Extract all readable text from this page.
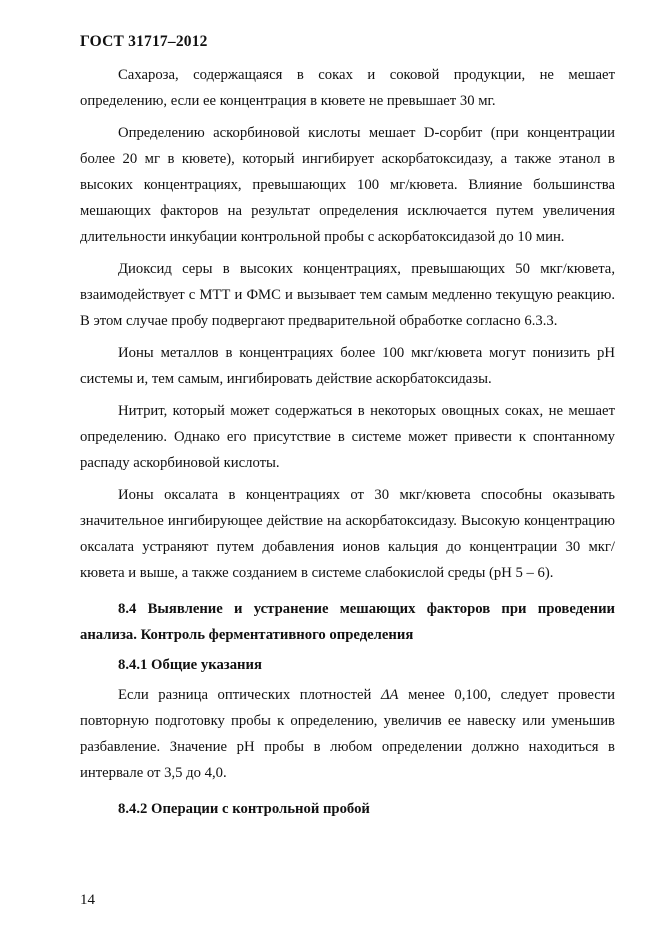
ГОСТ 31717–2012

Сахароза, содержащаяся в соках и соковой продукции, не мешает определению, если ее концентрация в кювете не превышает 30 мг.

Определению аскорбиновой кислоты мешает D-сорбит (при концентрации более 20 мг в кювете), который ингибирует аскорбатоксидазу, а также этанол в высоких концентрациях, превышающих 100 мг/кювета. Влияние большинства мешающих факторов на результат определения исключается путем увеличения длительности инкубации контрольной пробы с аскорбатоксидазой до 10 мин.

Диоксид серы в высоких концентрациях, превышающих 50 мкг/кювета, взаимодействует с МТТ и ФМС и вызывает тем самым медленно текущую реакцию. В этом случае пробу подвергают предварительной обработке согласно 6.3.3.

Ионы металлов в концентрациях более 100 мкг/кювета могут понизить pH системы и, тем самым, ингибировать действие аскорбатоксидазы.

Нитрит, который может содержаться в некоторых овощных соках, не мешает определению. Однако его присутствие в системе может привести к спонтанному распаду аскорбиновой кислоты.

Ионы оксалата в концентрациях от 30 мкг/кювета способны оказывать значительное ингибирующее действие на аскорбатоксидазу. Высокую концентрацию оксалата устраняют путем добавления ионов кальция до концентрации 30 мкг/кювета и выше, а также созданием в системе слабокислой среды (pH 5 – 6).

8.4 Выявление и устранение мешающих факторов при проведении анализа. Контроль ферментативного определения

8.4.1 Общие указания

Если разница оптических плотностей ΔA менее 0,100, следует провести повторную подготовку пробы к определению, увеличив ее навеску или уменьшив разбавление. Значение pH пробы в любом определении должно находиться в интервале от 3,5 до 4,0.

8.4.2 Операции с контрольной пробой

14
